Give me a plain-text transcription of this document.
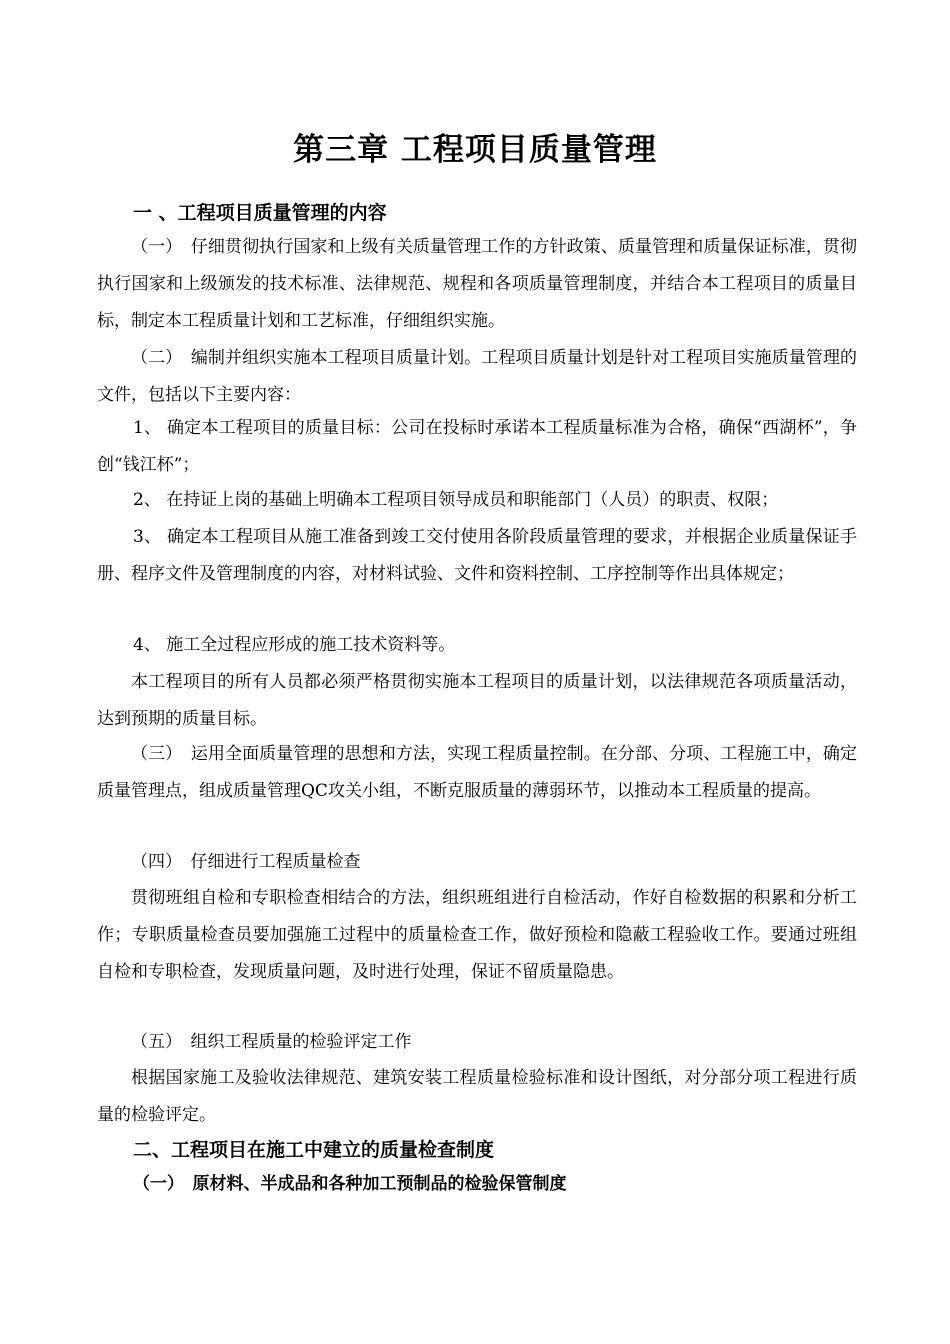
第三章 工程项目质量管理
一 、工程项目质量管理的内容

（一）　仔细贯彻执行国家和上级有关质量管理工作的方针政策、质量管理和质量保证标准，贯彻执行国家和上级颁发的技术标准、法律规范、规程和各项质量管理制度，并结合本工程项目的质量目标，制定本工程质量计划和工艺标准，仔细组织实施。

（二）　编制并组织实施本工程项目质量计划。工程项目质量计划是针对工程项目实施质量管理的文件，包括以下主要内容：

1、 确定本工程项目的质量目标：公司在投标时承诺本工程质量标准为合格，确保“西湖杯”，争创“钱江杯”；

2、 在持证上岗的基础上明确本工程项目领导成员和职能部门（人员）的职责、权限；

3、 确定本工程项目从施工准备到竣工交付使用各阶段质量管理的要求，并根据企业质量保证手册、程序文件及管理制度的内容，对材料试验、文件和资料控制、工序控制等作出具体规定；

4、 施工全过程应形成的施工技术资料等。

本工程项目的所有人员都必须严格贯彻实施本工程项目的质量计划，以法律规范各项质量活动，达到预期的质量目标。

（三）　运用全面质量管理的思想和方法，实现工程质量控制。在分部、分项、工程施工中，确定质量管理点，组成质量管理QC攻关小组，不断克服质量的薄弱环节，以推动本工程质量的提高。

（四）　仔细进行工程质量检查

贯彻班组自检和专职检查相结合的方法，组织班组进行自检活动，作好自检数据的积累和分析工作；专职质量检查员要加强施工过程中的质量检查工作，做好预检和隐蔽工程验收工作。要通过班组自检和专职检查，发现质量问题，及时进行处理，保证不留质量隐患。

（五）　组织工程质量的检验评定工作

根据国家施工及验收法律规范、建筑安装工程质量检验标准和设计图纸，对分部分项工程进行质量的检验评定。

二、工程项目在施工中建立的质量检查制度
（一）　原材料、半成品和各种加工预制品的检验保管制度
